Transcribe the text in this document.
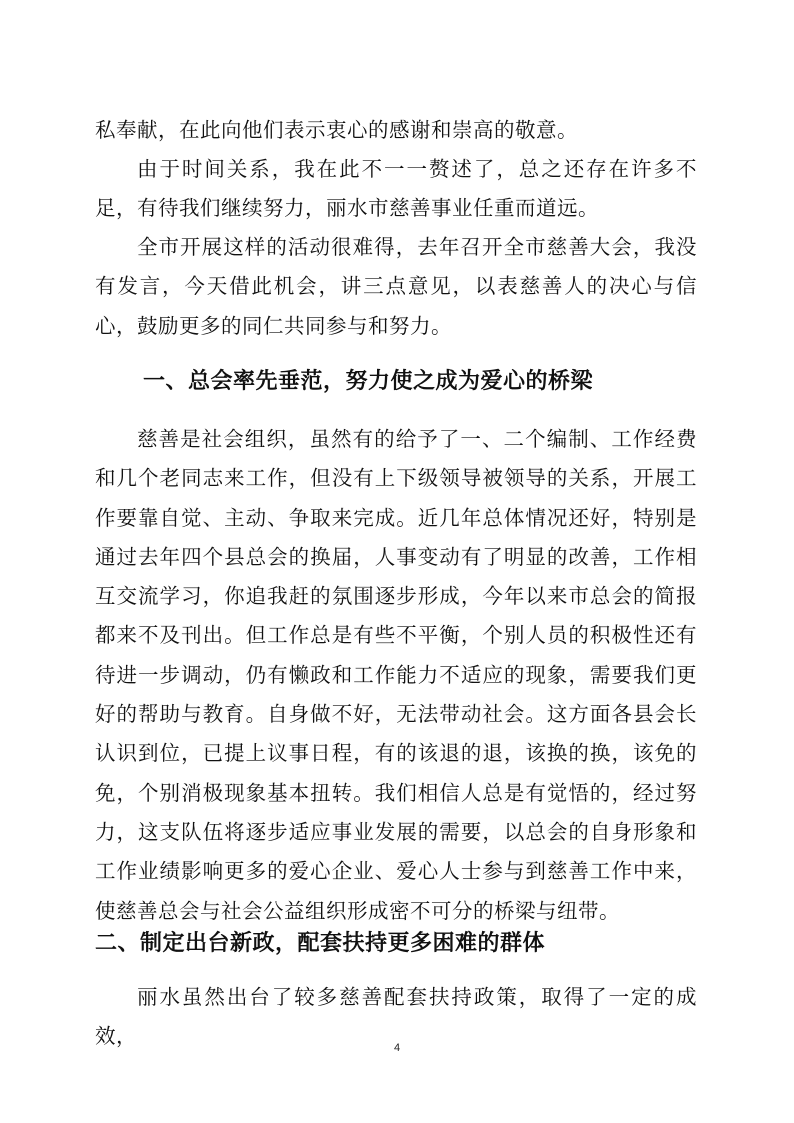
私奉献，在此向他们表示衷心的感谢和崇高的敬意。

由于时间关系，我在此不一一赘述了，总之还存在许多不足，有待我们继续努力，丽水市慈善事业任重而道远。

全市开展这样的活动很难得，去年召开全市慈善大会，我没有发言，今天借此机会，讲三点意见，以表慈善人的决心与信心，鼓励更多的同仁共同参与和努力。

一、总会率先垂范，努力使之成为爱心的桥梁

慈善是社会组织，虽然有的给予了一、二个编制、工作经费和几个老同志来工作，但没有上下级领导被领导的关系，开展工作要靠自觉、主动、争取来完成。近几年总体情况还好，特别是通过去年四个县总会的换届，人事变动有了明显的改善，工作相互交流学习，你追我赶的氛围逐步形成，今年以来市总会的简报都来不及刊出。但工作总是有些不平衡，个别人员的积极性还有待进一步调动，仍有懒政和工作能力不适应的现象，需要我们更好的帮助与教育。自身做不好，无法带动社会。这方面各县会长认识到位，已提上议事日程，有的该退的退，该换的换，该免的免，个别消极现象基本扭转。我们相信人总是有觉悟的，经过努力，这支队伍将逐步适应事业发展的需要，以总会的自身形象和工作业绩影响更多的爱心企业、爱心人士参与到慈善工作中来，使慈善总会与社会公益组织形成密不可分的桥梁与纽带。

二、制定出台新政，配套扶持更多困难的群体

丽水虽然出台了较多慈善配套扶持政策，取得了一定的成效，	4
